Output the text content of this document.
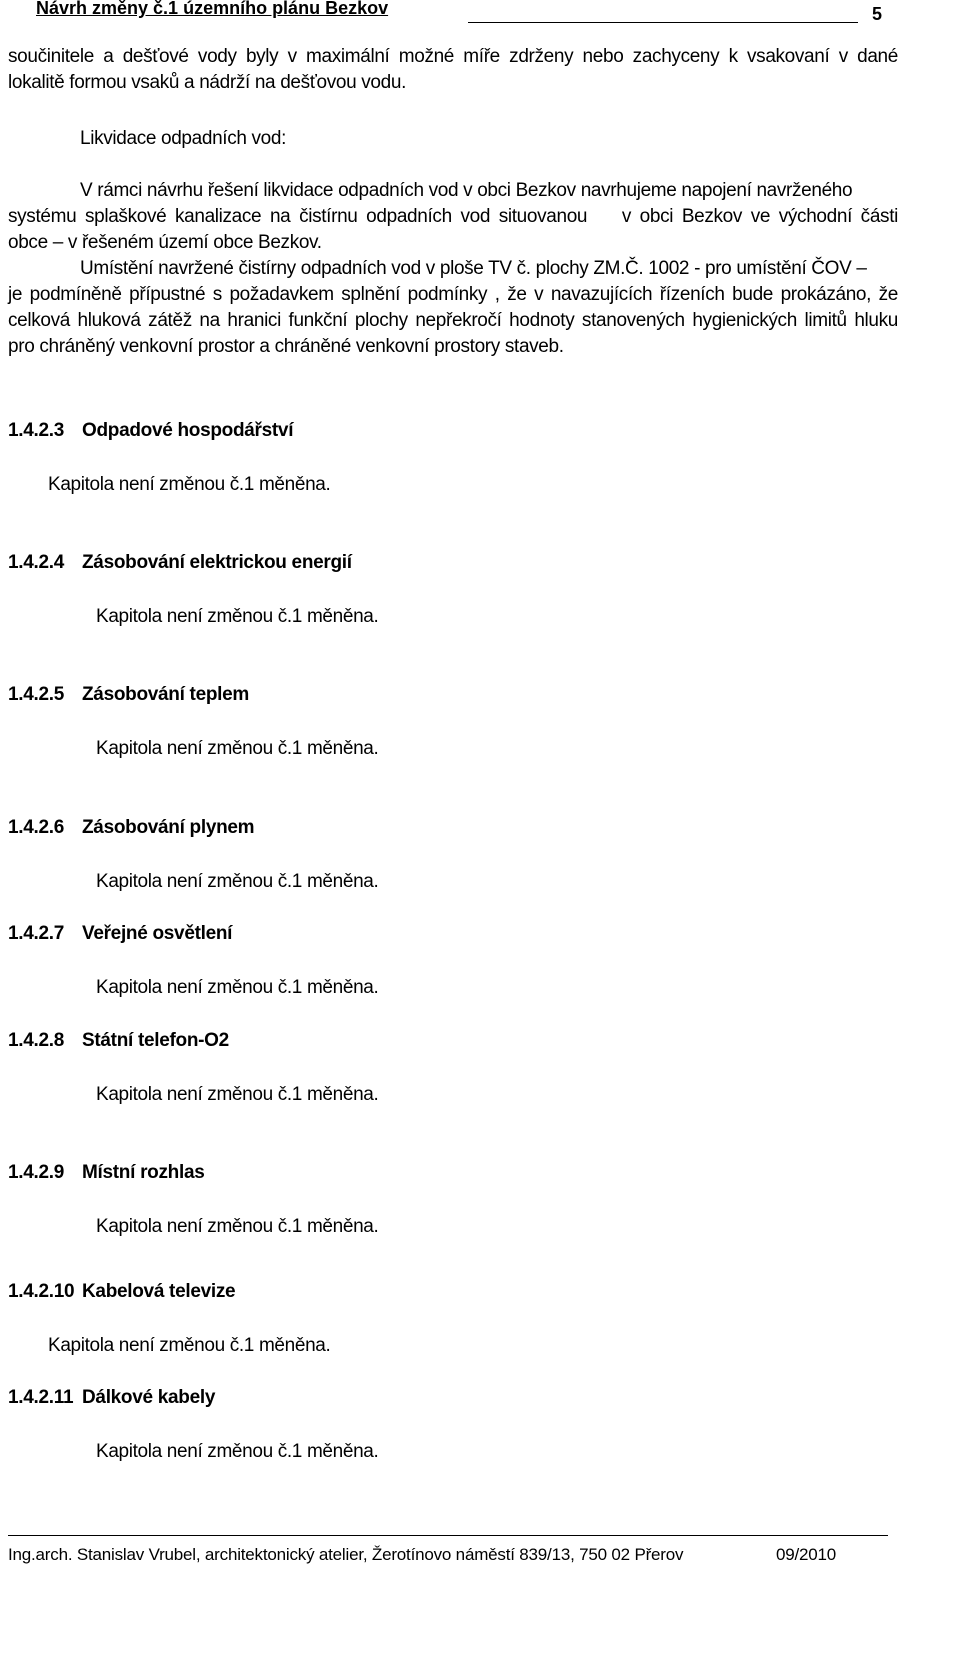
Návrh změny č.1 územního plánu Bezkov	5
součinitele a dešťové vody byly v maximální možné míře zdrženy nebo zachyceny k vsakovaní v dané
lokalitě formou vsaků a nádrží na dešťovou vodu.
Likvidace odpadních vod:
V rámci návrhu řešení likvidace odpadních vod v obci Bezkov navrhujeme napojení navrženého
systému splaškové kanalizace na čistírnu odpadních vod situovanou    v obci Bezkov ve východní části
obce – v řešeném území obce Bezkov.
Umístění navržené čistírny odpadních vod v ploše TV č. plochy ZM.Č. 1002 - pro umístění ČOV –
je podmíněně přípustné s požadavkem splnění podmínky , že v navazujících řízeních bude prokázáno, že
celková hluková zátěž na hranici funkční plochy nepřekročí hodnoty stanovených hygienických limitů hluku
pro chráněný venkovní prostor a chráněné venkovní prostory staveb.
1.4.2.3 Odpadové hospodářství
Kapitola není změnou č.1 měněna.
1.4.2.4 Zásobování elektrickou energií
Kapitola není změnou č.1 měněna.
1.4.2.5 Zásobování teplem
Kapitola není změnou č.1 měněna.
1.4.2.6 Zásobování plynem
Kapitola není změnou č.1 měněna.
1.4.2.7 Veřejné osvětlení
Kapitola není změnou č.1 měněna.
1.4.2.8 Státní telefon-O2
Kapitola není změnou č.1 měněna.
1.4.2.9 Místní rozhlas
Kapitola není změnou č.1 měněna.
1.4.2.10 Kabelová televize
Kapitola není změnou č.1 měněna.
1.4.2.11 Dálkové kabely
Kapitola není změnou č.1 měněna.
Ing.arch. Stanislav Vrubel, architektonický atelier, Žerotínovo náměstí 839/13, 750 02 Přerov	09/2010
